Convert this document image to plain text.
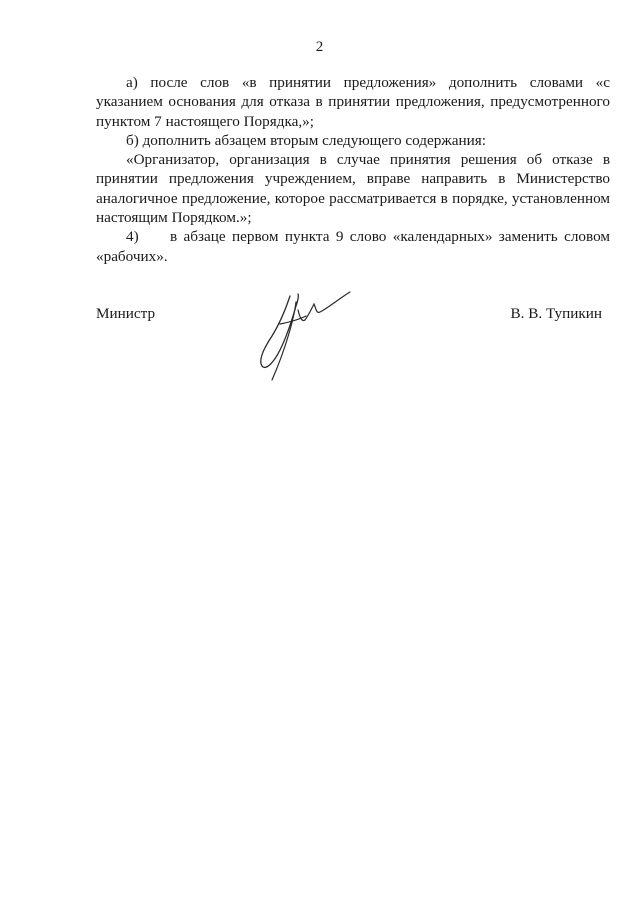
2

а) после слов «в принятии предложения» дополнить словами «с указанием основания для отказа в принятии предложения, предусмотренного пунктом 7 настоящего Порядка,»;

б) дополнить абзацем вторым следующего содержания:

«Организатор, организация в случае принятия решения об отказе в принятии предложения учреждением, вправе направить в Министерство аналогичное предложение, которое рассматривается в порядке, установленном настоящим Порядком.»;

4) в абзаце первом пункта 9 слово «календарных» заменить словом «рабочих».

Министр	В. В. Тупикин
